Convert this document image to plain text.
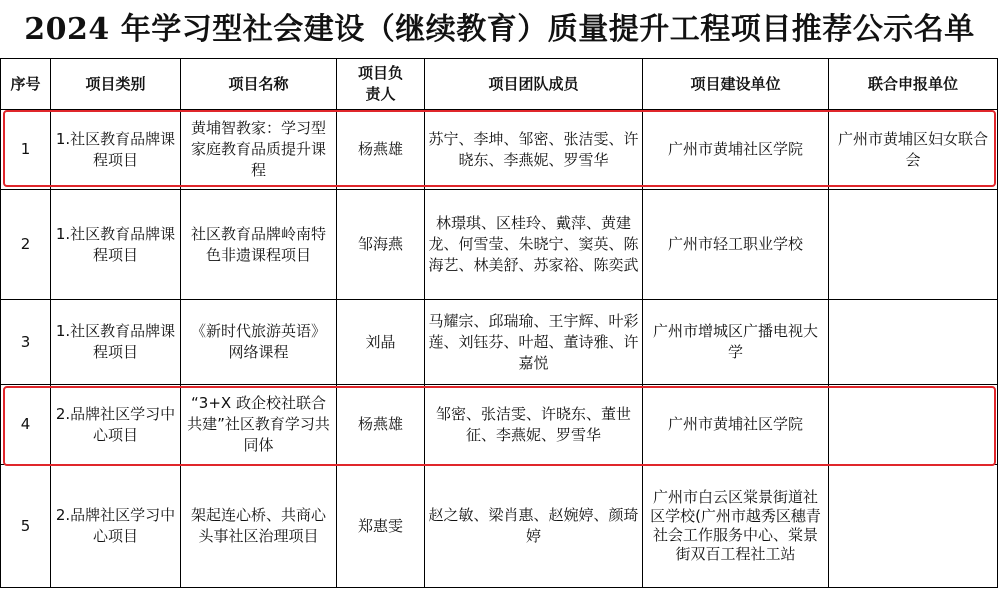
2024 年学习型社会建设（继续教育）质量提升工程项目推荐公示名单
序号	项目类别	项目名称	项目负责人	项目团队成员	项目建设单位	联合申报单位
1	1.社区教育品牌课程项目	黄埔智教家：学习型家庭教育品质提升课程	杨燕雄	苏宁、李坤、邹密、张洁雯、许晓东、李燕妮、罗雪华	广州市黄埔社区学院	广州市黄埔区妇女联合会

2	1.社区教育品牌课程项目	社区教育品牌岭南特色非遗课程项目	邹海燕	林璟琪、区桂玲、戴萍、黄建龙、何雪莹、朱晓宁、窦英、陈海艺、林美舒、苏家裕、陈奕武	广州市轻工职业学校	

3	1.社区教育品牌课程项目	《新时代旅游英语》网络课程	刘晶	马耀宗、邱瑞瑜、王宇辉、叶彩莲、刘钰芬、叶超、董诗雅、许嘉悦	广州市增城区广播电视大学	

4	2.品牌社区学习中心项目	“3+X 政企校社联合共建”社区教育学习共同体	杨燕雄	邹密、张洁雯、许晓东、董世征、李燕妮、罗雪华	广州市黄埔社区学院	

5	2.品牌社区学习中心项目	架起连心桥、共商心头事社区治理项目	郑惠雯	赵之敏、梁肖惠、赵婉婷、颜琦婷	广州市白云区棠景街道社区学校(广州市越秀区穗青社会工作服务中心、棠景街双百工程社工站	
